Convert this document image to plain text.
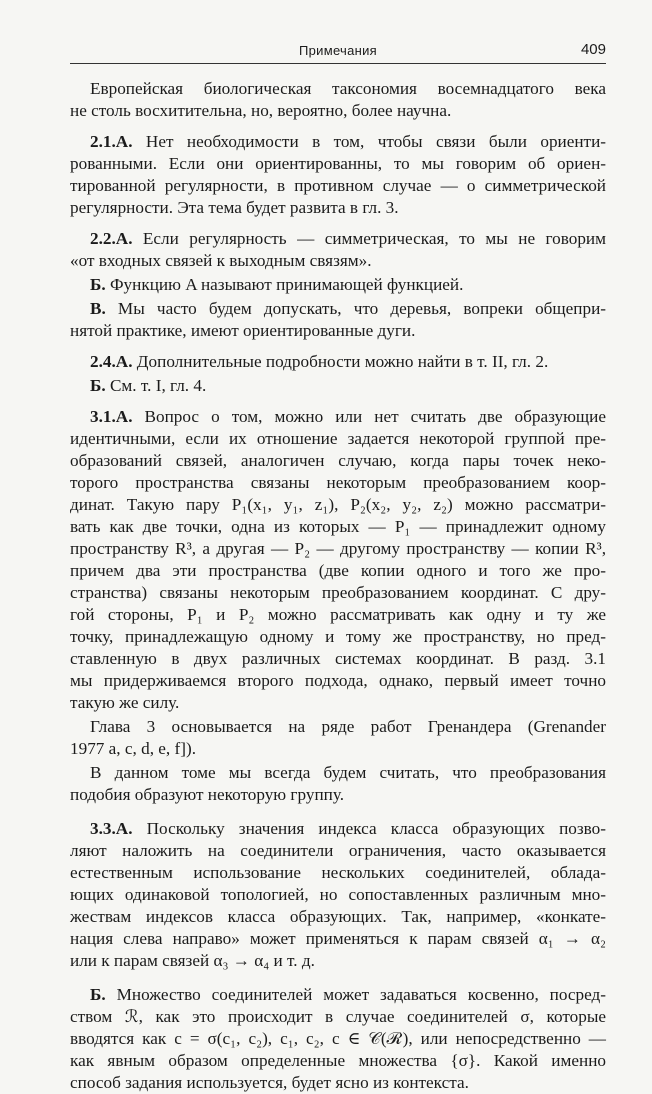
Примечания	409
Европейская биологическая таксономия восемнадцатого века
не столь восхитительна, но, вероятно, более научна.
2.1.А. Нет необходимости в том, чтобы связи были ориенти-
рованными. Если они ориентированны, то мы говорим об ориен-
тированной регулярности, в противном случае — о симметрической
регулярности. Эта тема будет развита в гл. 3.
2.2.А. Если регулярность — симметрическая, то мы не говорим
«от входных связей к выходным связям».
Б. Функцию A называют принимающей функцией.
В. Мы часто будем допускать, что деревья, вопреки общепри-
нятой практике, имеют ориентированные дуги.
2.4.А. Дополнительные подробности можно найти в т. II, гл. 2.
Б. См. т. I, гл. 4.
3.1.А. Вопрос о том, можно или нет считать две образующие
идентичными, если их отношение задается некоторой группой пре-
образований связей, аналогичен случаю, когда пары точек неко-
торого пространства связаны некоторым преобразованием коор-
динат. Такую пару P₁(x₁, y₁, z₁), P₂(x₂, y₂, z₂) можно рассматри-
вать как две точки, одна из которых — P₁ — принадлежит одному
пространству R³, а другая — P₂ — другому пространству — копии R³,
причем два эти пространства (две копии одного и того же про-
странства) связаны некоторым преобразованием координат. С дру-
гой стороны, P₁ и P₂ можно рассматривать как одну и ту же
точку, принадлежащую одному и тому же пространству, но пред-
ставленную в двух различных системах координат. В разд. 3.1
мы придерживаемся второго подхода, однако, первый имеет точно
такую же силу.
Глава 3 основывается на ряде работ Гренандера (Grenander
1977 a, c, d, e, f]).
В данном томе мы всегда будем считать, что преобразования
подобия образуют некоторую группу.
3.3.А. Поскольку значения индекса класса образующих позво-
ляют наложить на соединители ограничения, часто оказывается
естественным использование нескольких соединителей, облада-
ющих одинаковой топологией, но сопоставленных различным мно-
жествам индексов класса образующих. Так, например, «конкате-
нация слева направо» может применяться к парам связей α₁ → α₂
или к парам связей α₃ → α₄ и т. д.
Б. Множество соединителей может задаваться косвенно, посред-
ством ℛ, как это происходит в случае соединителей σ, которые
вводятся как c = σ(c₁, c₂), c₁, c₂, c ∈ 𝒞(ℛ), или непосредственно —
как явным образом определенные множества {σ}. Какой именно
способ задания используется, будет ясно из контекста.
